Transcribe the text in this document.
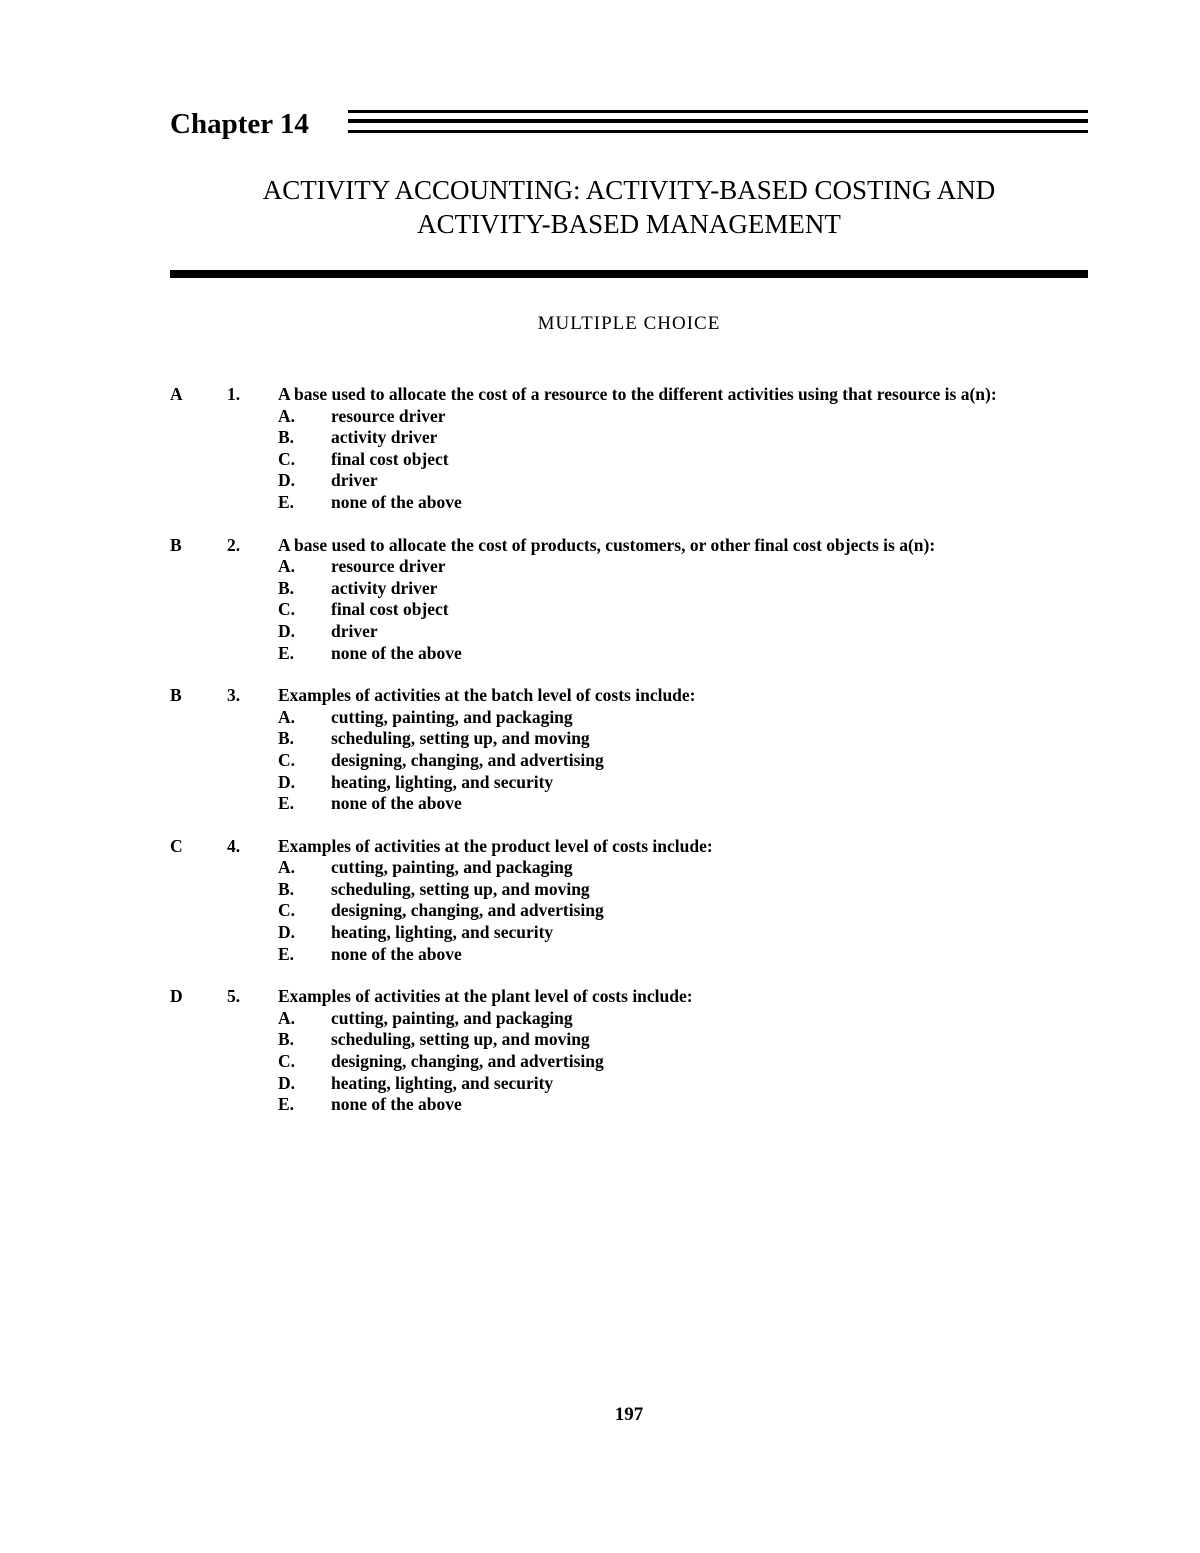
Chapter 14
ACTIVITY ACCOUNTING: ACTIVITY-BASED COSTING AND
ACTIVITY-BASED MANAGEMENT
MULTIPLE CHOICE
A	1. A base used to allocate the cost of a resource to the different activities using that resource is a(n):
A. resource driver
B. activity driver
C. final cost object
D. driver
E. none of the above
B	2. A base used to allocate the cost of products, customers, or other final cost objects is a(n):
A. resource driver
B. activity driver
C. final cost object
D. driver
E. none of the above
B	3. Examples of activities at the batch level of costs include:
A. cutting, painting, and packaging
B. scheduling, setting up, and moving
C. designing, changing, and advertising
D. heating, lighting, and security
E. none of the above
C	4. Examples of activities at the product level of costs include:
A. cutting, painting, and packaging
B. scheduling, setting up, and moving
C. designing, changing, and advertising
D. heating, lighting, and security
E. none of the above
D	5. Examples of activities at the plant level of costs include:
A. cutting, painting, and packaging
B. scheduling, setting up, and moving
C. designing, changing, and advertising
D. heating, lighting, and security
E. none of the above
197
